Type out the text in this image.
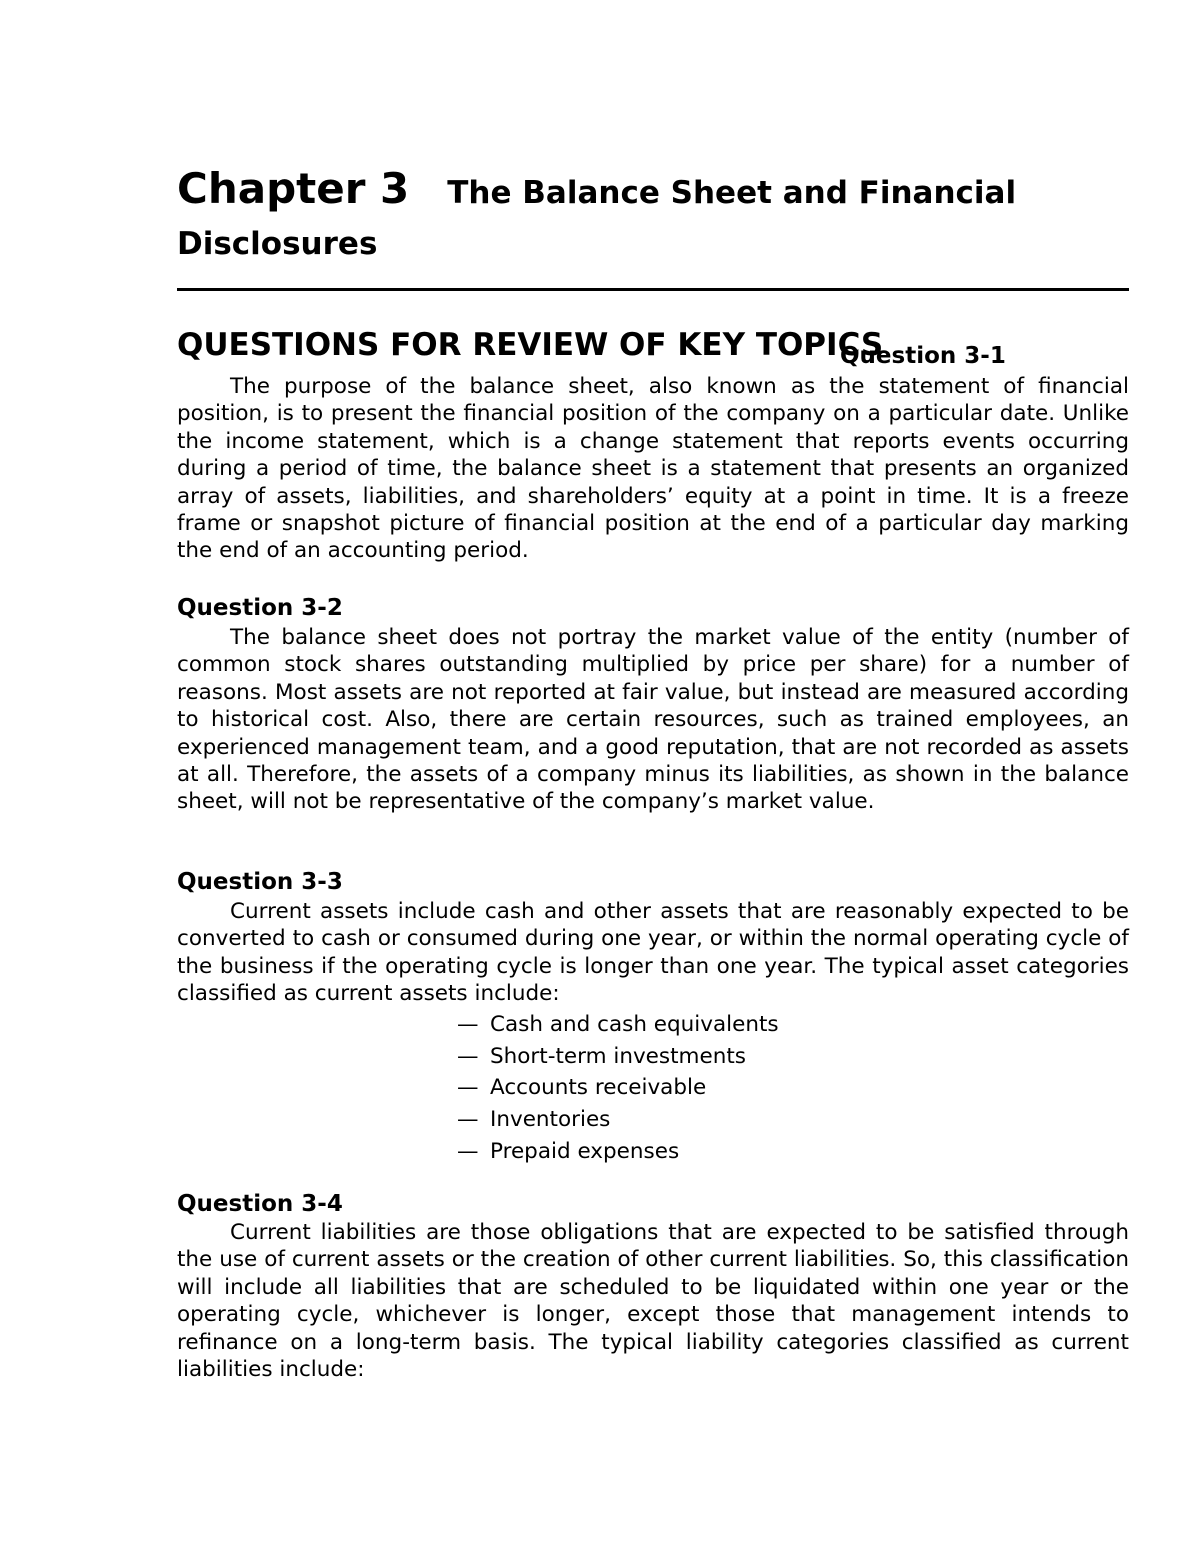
Chapter 3 The Balance Sheet and Financial
Disclosures
QUESTIONS FOR REVIEW OF KEY TOPICS
Question 3-1

The purpose of the balance sheet, also known as the statement of financial position, is to present the financial position of the company on a particular date. Unlike the income statement, which is a change statement that reports events occurring during a period of time, the balance sheet is a statement that presents an organized array of assets, liabilities, and shareholders’ equity at a point in time. It is a freeze frame or snapshot picture of financial position at the end of a particular day marking the end of an accounting period.

Question 3-2

The balance sheet does not portray the market value of the entity (number of common stock shares outstanding multiplied by price per share) for a number of reasons. Most assets are not reported at fair value, but instead are measured according to historical cost. Also, there are certain resources, such as trained employees, an experienced management team, and a good reputation, that are not recorded as assets at all. Therefore, the assets of a company minus its liabilities, as shown in the balance sheet, will not be representative of the company’s market value.

Question 3-3

Current assets include cash and other assets that are reasonably expected to be converted to cash or consumed during one year, or within the normal operating cycle of the business if the operating cycle is longer than one year. The typical asset categories classified as current assets include:

— Cash and cash equivalents
— Short-term investments
— Accounts receivable
— Inventories
— Prepaid expenses
Question 3-4

Current liabilities are those obligations that are expected to be satisfied through the use of current assets or the creation of other current liabilities. So, this classification will include all liabilities that are scheduled to be liquidated within one year or the operating cycle, whichever is longer, except those that management intends to refinance on a long-term basis. The typical liability categories classified as current liabilities include:
